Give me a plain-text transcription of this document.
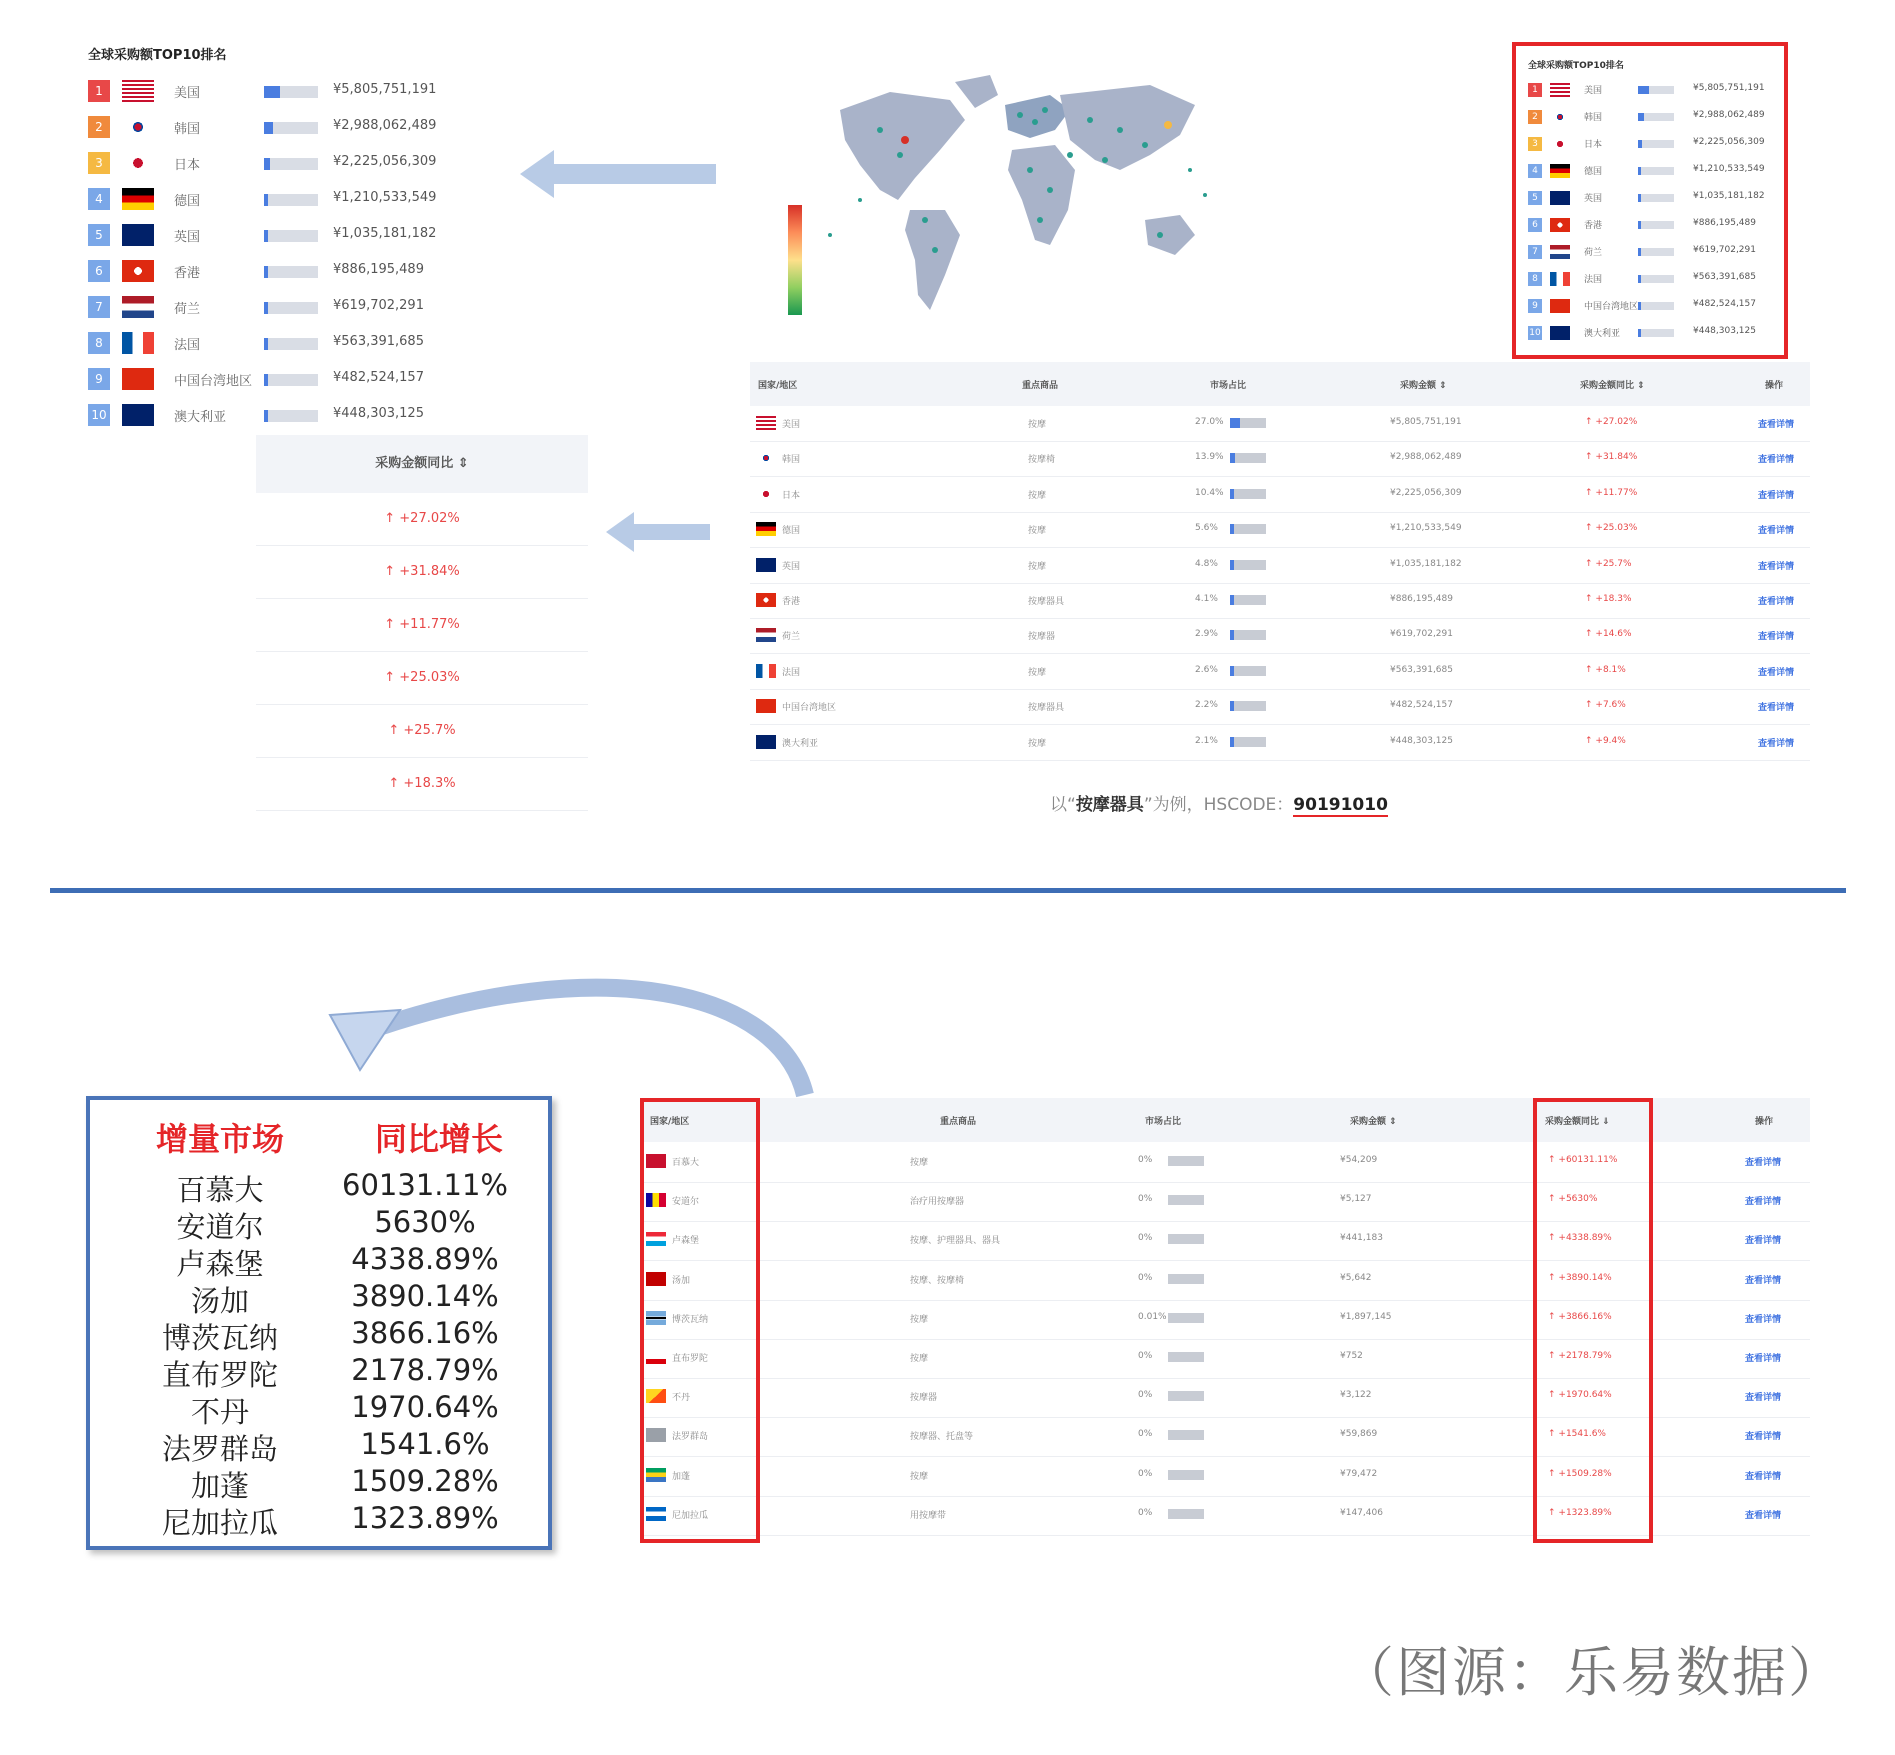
全球采购额TOP10排名
1	美国	¥5,805,751,191
2	韩国	¥2,988,062,489
3	日本	¥2,225,056,309
4	德国	¥1,210,533,549
5	英国	¥1,035,181,182
6	香港	¥886,195,489
7	荷兰	¥619,702,291
8	法国	¥563,391,685
9	中国台湾地区	¥482,524,157
10	澳大利亚	¥448,303,125
采购金额同比 ⇕
↑ +27.02%
↑ +31.84%
↑ +11.77%
↑ +25.03%
↑ +25.7%
↑ +18.3%
全球采购额TOP10排名
1	美国	¥5,805,751,191
2	韩国	¥2,988,062,489
3	日本	¥2,225,056,309
4	德国	¥1,210,533,549
5	英国	¥1,035,181,182
6	香港	¥886,195,489
7	荷兰	¥619,702,291
8	法国	¥563,391,685
9	中国台湾地区	¥482,524,157
10	澳大利亚	¥448,303,125
国家/地区	重点商品	市场占比	采购金额 ⇕	采购金额同比 ⇕	操作
美国	按摩	27.0%	¥5,805,751,191	↑ +27.02%	查看详情
韩国	按摩椅	13.9%	¥2,988,062,489	↑ +31.84%	查看详情
日本	按摩	10.4%	¥2,225,056,309	↑ +11.77%	查看详情
德国	按摩	5.6%	¥1,210,533,549	↑ +25.03%	查看详情
英国	按摩	4.8%	¥1,035,181,182	↑ +25.7%	查看详情
香港	按摩器具	4.1%	¥886,195,489	↑ +18.3%	查看详情
荷兰	按摩器	2.9%	¥619,702,291	↑ +14.6%	查看详情
法国	按摩	2.6%	¥563,391,685	↑ +8.1%	查看详情
中国台湾地区	按摩器具	2.2%	¥482,524,157	↑ +7.6%	查看详情
澳大利亚	按摩	2.1%	¥448,303,125	↑ +9.4%	查看详情
以“按摩器具”为例，HSCODE：90191010
增量市场	同比增长
百慕大	60131.11%
安道尔	5630%
卢森堡	4338.89%
汤加	3890.14%
博茨瓦纳	3866.16%
直布罗陀	2178.79%
不丹	1970.64%
法罗群岛	1541.6%
加蓬	1509.28%
尼加拉瓜	1323.89%
国家/地区	重点商品	市场占比	采购金额 ⇕	采购金额同比 ⇓	操作
百慕大	按摩	0%	¥54,209	↑ +60131.11%	查看详情
安道尔	治疗用按摩器	0%	¥5,127	↑ +5630%	查看详情
卢森堡	按摩、护理器具、器具	0%	¥441,183	↑ +4338.89%	查看详情
汤加	按摩、按摩椅	0%	¥5,642	↑ +3890.14%	查看详情
博茨瓦纳	按摩	0.01%	¥1,897,145	↑ +3866.16%	查看详情
直布罗陀	按摩	0%	¥752	↑ +2178.79%	查看详情
不丹	按摩器	0%	¥3,122	↑ +1970.64%	查看详情
法罗群岛	按摩器、托盘等	0%	¥59,869	↑ +1541.6%	查看详情
加蓬	按摩	0%	¥79,472	↑ +1509.28%	查看详情
尼加拉瓜	用按摩带	0%	¥147,406	↑ +1323.89%	查看详情
（图源：乐易数据）
